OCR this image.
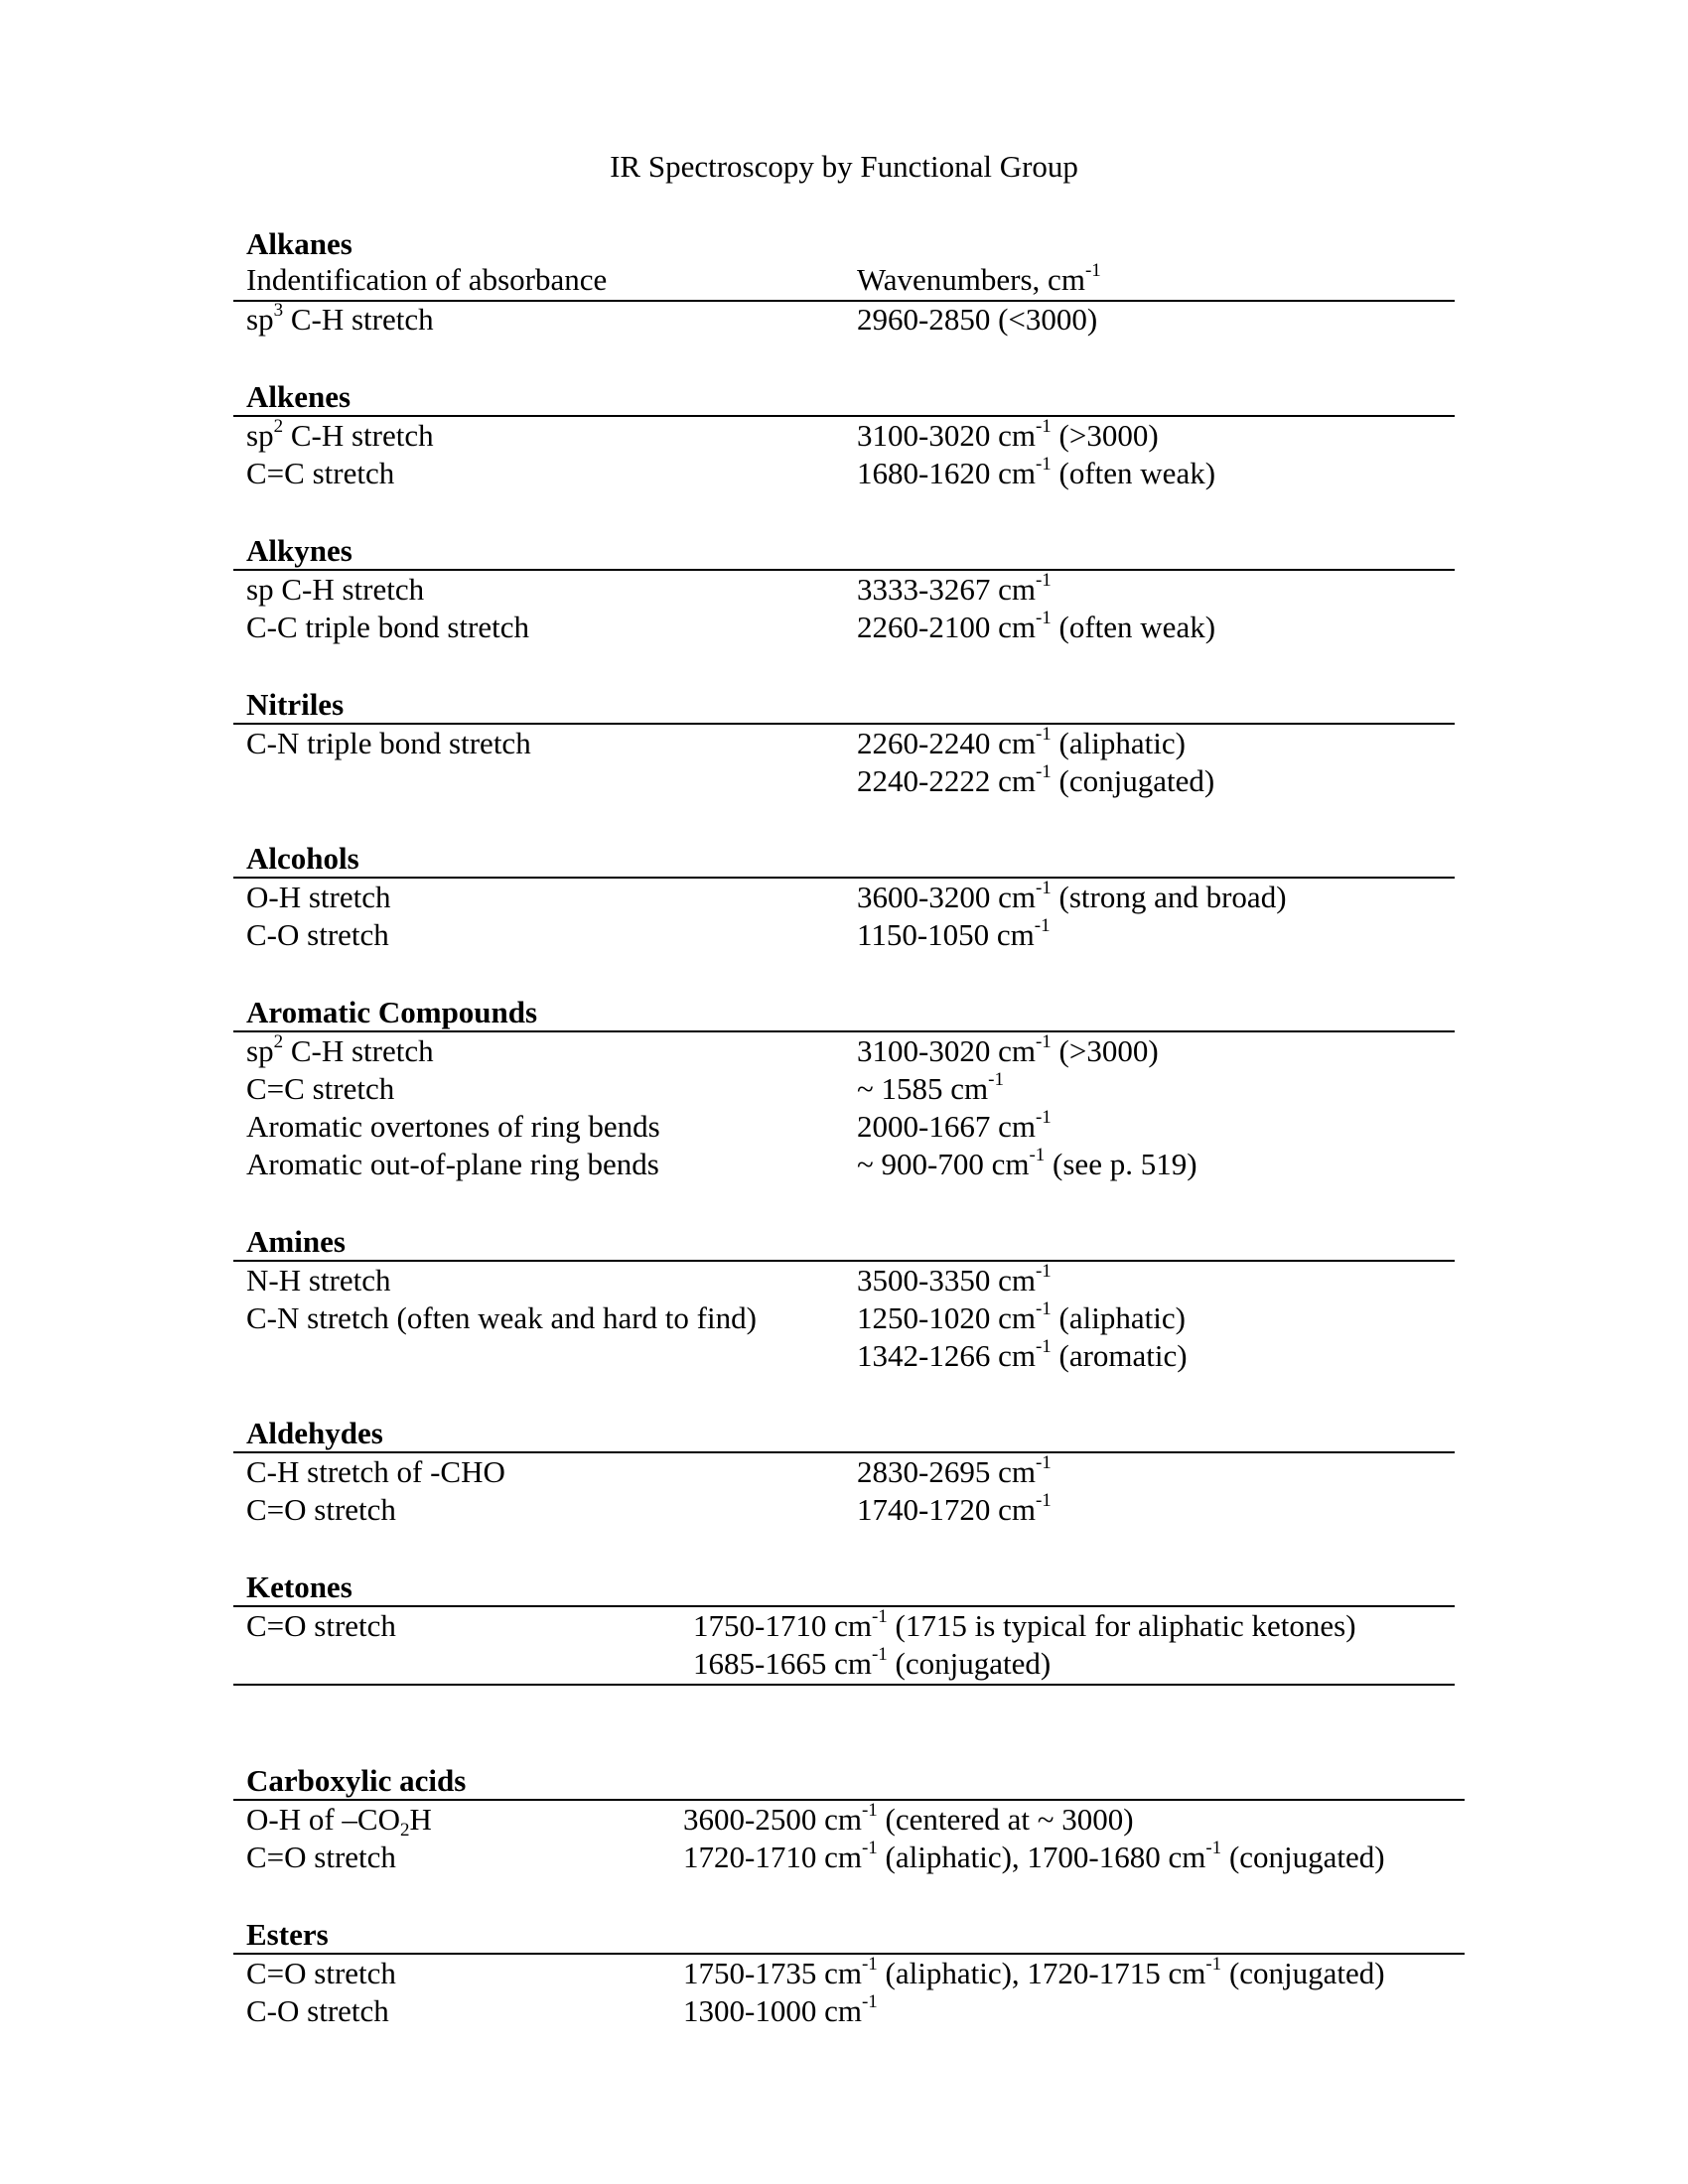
IR Spectroscopy by Functional Group
Alkanes
Indentification of absorbance	Wavenumbers, $cm^{-1}$
$sp^3$ C-H stretch	2960-2850 (<3000)
Alkenes
$sp^2$ C-H stretch	3100-3020 $cm^{-1}$ (>3000)
C=C stretch	1680-1620 $cm^{-1}$ (often weak)
Alkynes
sp C-H stretch	3333-3267 $cm^{-1}$
C-C triple bond stretch	2260-2100 $cm^{-1}$ (often weak)
Nitriles
C-N triple bond stretch	2260-2240 $cm^{-1}$ (aliphatic)
2240-2222 $cm^{-1}$ (conjugated)
Alcohols
O-H stretch	3600-3200 $cm^{-1}$ (strong and broad)
C-O stretch	1150-1050 $cm^{-1}$
Aromatic Compounds
$sp^2$ C-H stretch	3100-3020 $cm^{-1}$ (>3000)
C=C stretch	~ 1585 $cm^{-1}$
Aromatic overtones of ring bends	2000-1667 $cm^{-1}$
Aromatic out-of-plane ring bends	~ 900-700 $cm^{-1}$ (see p. 519)
Amines
N-H stretch	3500-3350 $cm^{-1}$
C-N stretch (often weak and hard to find)	1250-1020 $cm^{-1}$ (aliphatic)
1342-1266 $cm^{-1}$ (aromatic)
Aldehydes
C-H stretch of -CHO	2830-2695 $cm^{-1}$
C=O stretch	1740-1720 $cm^{-1}$
Ketones
C=O stretch	1750-1710 $cm^{-1}$ (1715 is typical for aliphatic ketones)
1685-1665 $cm^{-1}$ (conjugated)
Carboxylic acids
O-H of $-CO_2H$	3600-2500 $cm^{-1}$ (centered at ~ 3000)
C=O stretch	1720-1710 $cm^{-1}$ (aliphatic), 1700-1680 $cm^{-1}$ (conjugated)
Esters
C=O stretch	1750-1735 $cm^{-1}$ (aliphatic), 1720-1715 $cm^{-1}$ (conjugated)
C-O stretch	1300-1000 $cm^{-1}$
